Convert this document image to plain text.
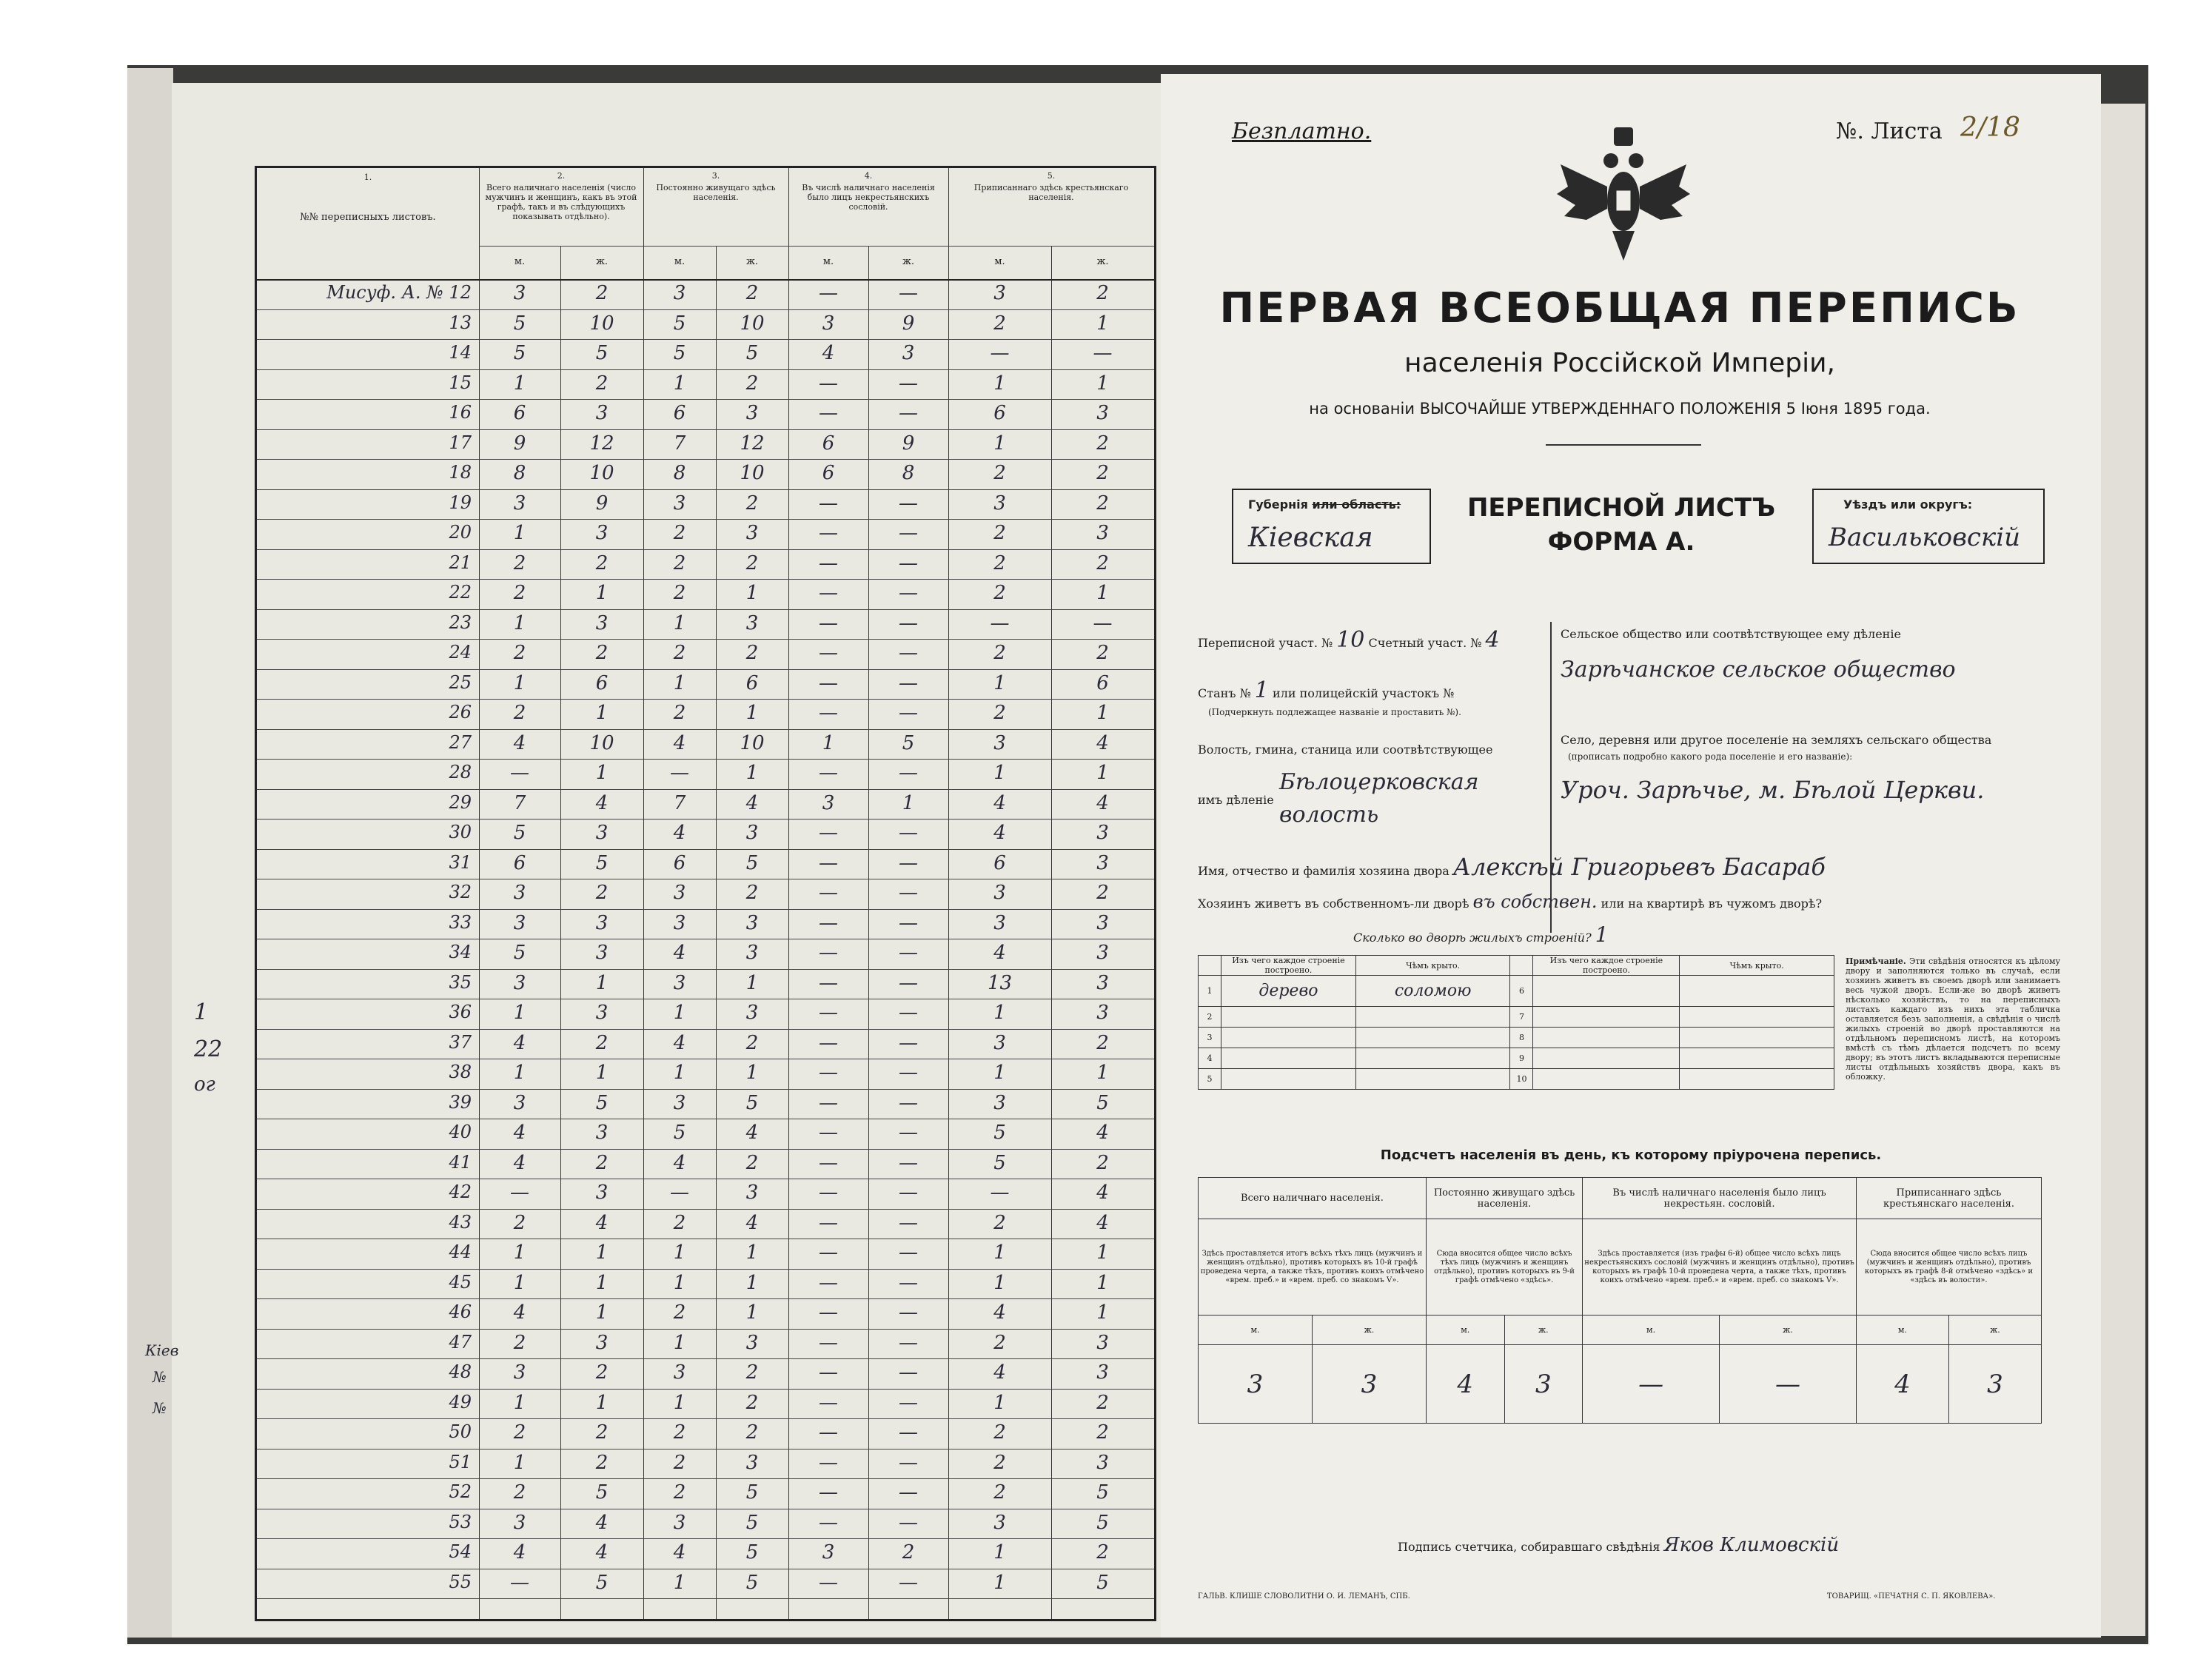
1.
№№ переписныхъ листовъ.
2.
Всего наличнаго населенія (число мужчинъ и женщинъ, какъ въ этой графѣ, такъ и въ слѣдующихъ показывать отдѣльно).
3.
Постоянно живущаго здѣсь населенія.
4.
Въ числѣ наличнаго населенія было лицъ некрестьянскихъ сословій.
5.
Приписаннаго здѣсь крестьянскаго населенія.
м.	ж.	м.	ж.	м.	ж.	м.	ж.
Мисуф. А. № 12	3	2	3	2	—	—	3	2
13	5	10	5	10	3	9	2	1
14	5	5	5	5	4	3	—	—
15	1	2	1	2	—	—	1	1
16	6	3	6	3	—	—	6	3
17	9	12	7	12	6	9	1	2
18	8	10	8	10	6	8	2	2
19	3	9	3	2	—	—	3	2
20	1	3	2	3	—	—	2	3
21	2	2	2	2	—	—	2	2
22	2	1	2	1	—	—	2	1
23	1	3	1	3	—	—	—	—
24	2	2	2	2	—	—	2	2
25	1	6	1	6	—	—	1	6
26	2	1	2	1	—	—	2	1
27	4	10	4	10	1	5	3	4
28	—	1	—	1	—	—	1	1
29	7	4	7	4	3	1	4	4
30	5	3	4	3	—	—	4	3
31	6	5	6	5	—	—	6	3
32	3	2	3	2	—	—	3	2
33	3	3	3	3	—	—	3	3
34	5	3	4	3	—	—	4	3
35	3	1	3	1	—	—	13	3
36	1	3	1	3	—	—	1	3
37	4	2	4	2	—	—	3	2
38	1	1	1	1	—	—	1	1
39	3	5	3	5	—	—	3	5
40	4	3	5	4	—	—	5	4
41	4	2	4	2	—	—	5	2
42	—	3	—	3	—	—	—	4
43	2	4	2	4	—	—	2	4
44	1	1	1	1	—	—	1	1
45	1	1	1	1	—	—	1	1
46	4	1	2	1	—	—	4	1
47	2	3	1	3	—	—	2	3
48	3	2	3	2	—	—	4	3
49	1	1	1	2	—	—	1	2
50	2	2	2	2	—	—	2	2
51	1	2	2	3	—	—	2	3
52	2	5	2	5	—	—	2	5
53	3	4	3	5	—	—	3	5
54	4	4	4	5	3	2	1	2
55	—	5	1	5	—	—	1	5
Кіев
№
№
1
22
ог
Безплатно.	№. Листа 2/18
ПЕРВАЯ ВСЕОБЩАЯ ПЕРЕПИСЬ
населенія Россійской Имперіи,
на основаніи ВЫСОЧАЙШЕ УТВЕРЖДЕННАГО ПОЛОЖЕНІЯ 5 Іюня 1895 года.
Губернія или область:
Кіевская
ПЕРЕПИСНОЙ ЛИСТЪ
ФОРМА А.
Уѣздъ или округъ:
Васильковскій
Переписной участ. № 10 Счетный участ. № 4
Станъ № 1 или полицейскій участокъ №
(Подчеркнуть подлежащее названіе и проставить №).
Волость, гмина, станица или соотвѣтствующее
имъ дѣленіе
Бѣлоцерковская волость
Сельское общество или соотвѣтствующее ему дѣленіе
Зарѣчанское сельское общество
Село, деревня или другое поселеніе на земляхъ сельскаго общества
(прописать подробно какого рода поселеніе и его названіе):
Уроч. Зарѣчье, м. Бѣлой Церкви.
Имя, отчество и фамилія хозяина двора Алексѣй Григорьевъ Басараб
Хозяинъ живетъ въ собственномъ-ли дворѣ въ собствен. или на квартирѣ въ чужомъ дворѣ?
Сколько во дворѣ жилыхъ строеній? 1
	Изъ чего каждое строеніе построено.	Чѣмъ крыто.		Изъ чего каждое строеніе построено.	Чѣмъ крыто.
1	дерево	соломою	6		
2			7		
3			8		
4			9		
5			10		
Примѣчаніе. Эти свѣдѣнія относятся къ цѣлому двору и заполняются только въ случаѣ, если хозяинъ живетъ въ своемъ дворѣ или занимаетъ весь чужой дворъ. Если-же во дворѣ живетъ нѣсколько хозяйствъ, то на переписныхъ листахъ каждаго изъ нихъ эта табличка оставляется безъ заполненія, а свѣдѣнія о числѣ жилыхъ строеній во дворѣ проставляются на отдѣльномъ переписномъ листѣ, на которомъ вмѣстѣ съ тѣмъ дѣлается подсчетъ по всему двору; въ этотъ листъ вкладываются переписные листы отдѣльныхъ хозяйствъ двора, какъ въ обложку.
Подсчетъ населенія въ день, къ которому пріурочена перепись.
Всего наличнаго населенія.		Постоянно живущаго здѣсь населенія.		Въ числѣ наличнаго населенія было лицъ некрестьян. сословій.		Приписаннаго здѣсь крестьянскаго населенія.	
Здѣсь проставляется итогъ всѣхъ тѣхъ лицъ (мужчинъ и женщинъ отдѣльно), противъ которыхъ въ 10-й графѣ проведена черта, а также тѣхъ, противъ коихъ отмѣчено «врем. преб.» и «врем. преб. со знакомъ V».		Сюда вносится общее число всѣхъ тѣхъ лицъ (мужчинъ и женщинъ отдѣльно), противъ которыхъ въ 9-й графѣ отмѣчено «здѣсь».		Здѣсь проставляется (изъ графы 6-й) общее число всѣхъ лицъ некрестьянскихъ сословій (мужчинъ и женщинъ отдѣльно), противъ которыхъ въ графѣ 10-й проведена черта, а также тѣхъ, противъ коихъ отмѣчено «врем. преб.» и «врем. преб. со знакомъ V».		Сюда вносится общее число всѣхъ лицъ (мужчинъ и женщинъ отдѣльно), противъ которыхъ въ графѣ 8-й отмѣчено «здѣсь» и «здѣсь въ волости».	
м.	ж.	м.	ж.	м.	ж.	м.	ж.
3	3	4	3	—	—	4	3
Подпись счетчика, собиравшаго свѣдѣнія Яков Климовскій
ГАЛЬВ. КЛИШЕ СЛОВОЛИТНИ О. И. ЛЕМАНЪ, СПБ.	ТОВАРИЩ. «ПЕЧАТНЯ С. П. ЯКОВЛЕВА».
